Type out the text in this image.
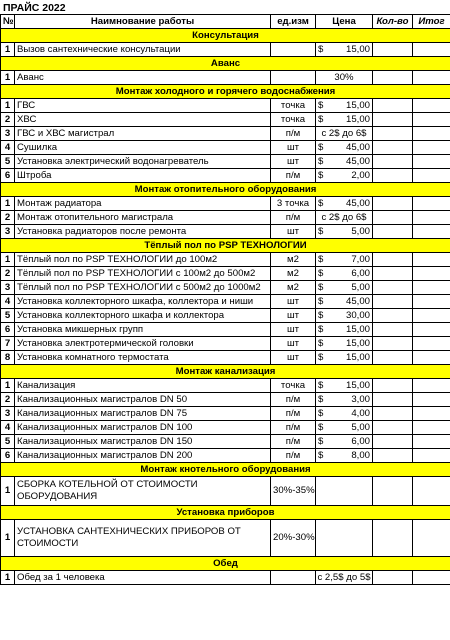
ПРАЙС 2022
№	Наимнование работы	ед.изм	Цена	Кол-во	Итог
Консультация					
1	Вызов сантехнические консультации		$ 15,00		

Аванс					
1	Аванс		30%		

Монтаж холодного и горячего водоснабжения					
1	ГВС	точка	$ 15,00		

2	ХВС	точка	$ 15,00		

3	ГВС и ХВС магистрал	п/м	с 2$ до 6$		

4	Сушилка	шт	$ 45,00		

5	Установка электрический водонагреватель	шт	$ 45,00		

6	Штроба	п/м	$ 2,00		

Монтаж отопительного оборудования					
1	Монтаж радиатора	3 точка	$ 45,00		

2	Монтаж отопительного магистрала	п/м	с 2$ до 6$		

3	Установка радиаторов после ремонта	шт	$ 5,00		

Тёплый пол по PSP ТЕХНОЛОГИИ					
1	Тёплый пол по PSP ТЕХНОЛОГИИ до 100м2	м2	$ 7,00		

2	Тёплый пол по PSP ТЕХНОЛОГИИ с 100м2 до 500м2	м2	$ 6,00		

3	Тёплый пол по PSP ТЕХНОЛОГИИ с 500м2 до 1000м2	м2	$ 5,00		

4	Установка коллекторного шкафа, коллектора и ниши	шт	$ 45,00		

5	Установка коллекторного шкафа и коллектора	шт	$ 30,00		

6	Установка микшерных групп	шт	$ 15,00		

7	Установка электротермической головки	шт	$ 15,00		

8	Установка комнатного термостата	шт	$ 15,00		

Монтаж канализация					
1	Канализация	точка	$ 15,00		

2	Канализационных магистралов DN 50	п/м	$ 3,00		

3	Канализационных магистралов DN 75	п/м	$ 4,00		

4	Канализационных магистралов DN 100	п/м	$ 5,00		

5	Канализационных магистралов DN 150	п/м	$ 6,00		

6	Канализационных магистралов DN 200	п/м	$ 8,00		

Монтаж кнотельного оборудования					
1	СБОРКА КОТЕЛЬНОЙ ОТ СТОИМОСТИ ОБОРУДОВАНИЯ	30%-35%	

Установка приборов					
1	УСТАНОВКА САНТЕХНИЧЕСКИХ ПРИБОРОВ ОТ СТОИМОСТИ	20%-30%	

Обед					
1	Обед за 1 человека		с 2,5$ до 5$		
